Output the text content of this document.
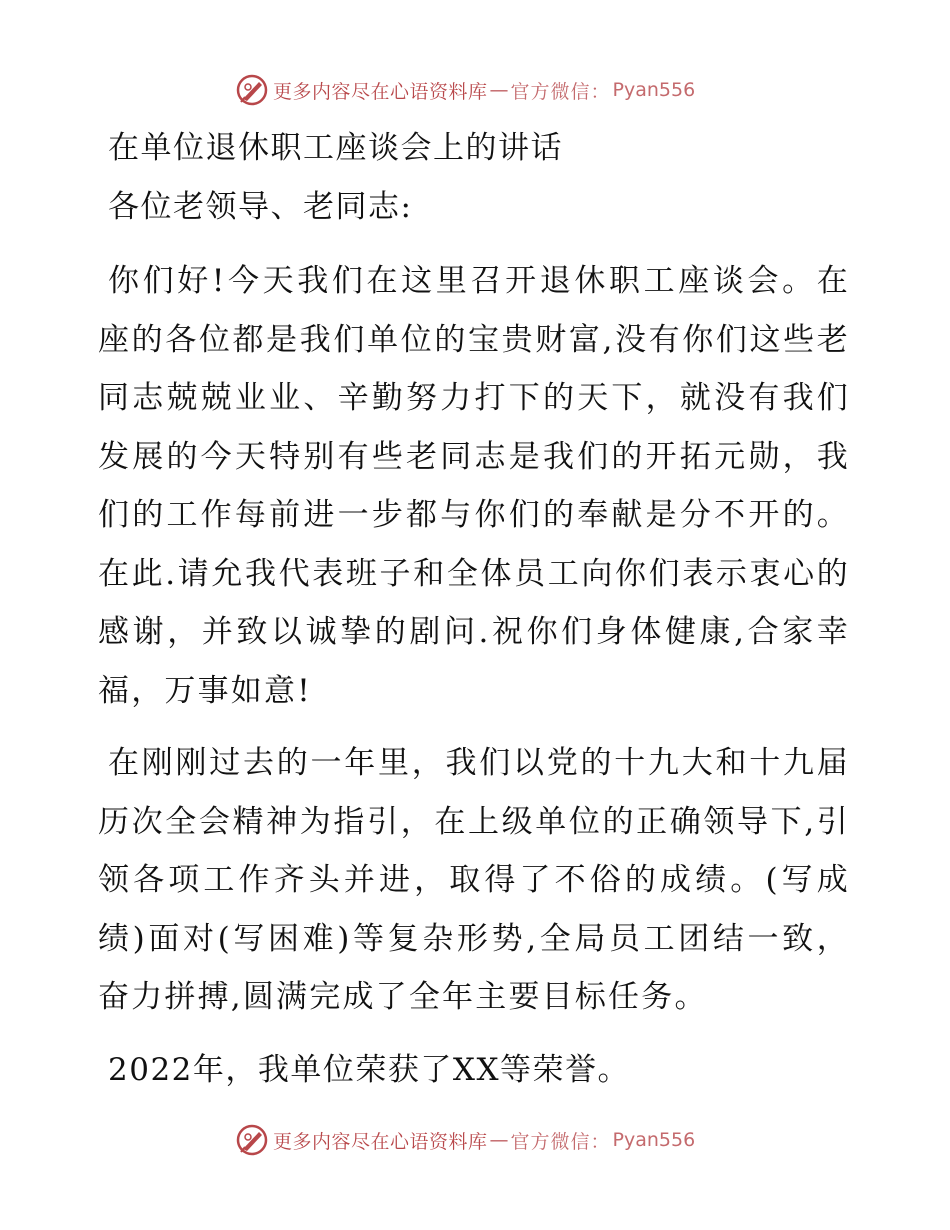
更多内容尽在心语资料库 — 官方微信： Pyan556
在单位退休职工座谈会上的讲话

各位老领导、老同志:

你们好!今天我们在这里召开退休职工座谈会。在座的各位都是我们单位的宝贵财富,没有你们这些老同志兢兢业业、辛勤努力打下的天下，就没有我们发展的今天特别有些老同志是我们的开拓元勋，我们的工作每前进一步都与你们的奉献是分不开的。在此.请允我代表班子和全体员工向你们表示衷心的感谢，并致以诚挚的剧问.祝你们身体健康,合家幸福，万事如意!

在刚刚过去的一年里，我们以党的十九大和十九届历次全会精神为指引，在上级单位的正确领导下,引领各项工作齐头并进，取得了不俗的成绩。(写成绩)面对(写困难)等复杂形势,全局员工团结一致，奋力拼搏,圆满完成了全年主要目标任务。

2022年，我单位荣获了XX等荣誉。

更多内容尽在心语资料库 — 官方微信： Pyan556
